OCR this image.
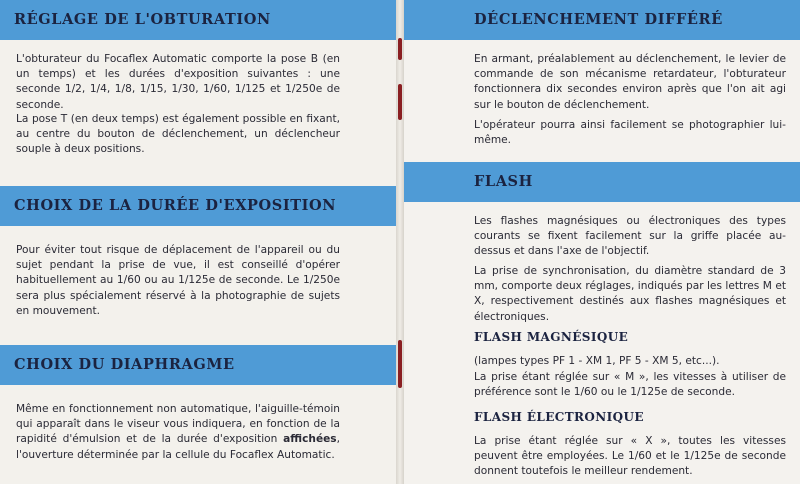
RÉGLAGE DE L'OBTURATION

L'obturateur du Focaflex Automatic comporte la pose B (en un temps) et les durées d'exposition suivantes : une seconde 1/2, 1/4, 1/8, 1/15, 1/30, 1/60, 1/125 et 1/250e de seconde.

La pose T (en deux temps) est également possible en fixant, au centre du bouton de déclenchement, un déclencheur souple à deux positions.

CHOIX DE LA DURÉE D'EXPOSITION

Pour éviter tout risque de déplacement de l'appareil ou du sujet pendant la prise de vue, il est conseillé d'opérer habituellement au 1/60 ou au 1/125e de seconde. Le 1/250e sera plus spécialement réservé à la photographie de sujets en mouvement.

CHOIX DU DIAPHRAGME

Même en fonctionnement non automatique, l'aiguille-témoin qui apparaît dans le viseur vous indiquera, en fonction de la rapidité d'émulsion et de la durée d'exposition affichées, l'ouverture déterminée par la cellule du Focaflex Automatic.

DÉCLENCHEMENT DIFFÉRÉ

En armant, préalablement au déclenchement, le levier de commande de son mécanisme retardateur, l'obturateur fonctionnera dix secondes environ après que l'on ait agi sur le bouton de déclenchement.

L'opérateur pourra ainsi facilement se photographier lui-même.

FLASH

Les flashes magnésiques ou électroniques des types courants se fixent facilement sur la griffe placée au-dessus et dans l'axe de l'objectif.

La prise de synchronisation, du diamètre standard de 3 mm, comporte deux réglages, indiqués par les lettres M et X, respectivement destinés aux flashes magnésiques et électroniques.

FLASH MAGNÉSIQUE

(lampes types PF 1 - XM 1, PF 5 - XM 5, etc...).

La prise étant réglée sur « M », les vitesses à utiliser de préférence sont le 1/60 ou le 1/125e de seconde.

FLASH ÉLECTRONIQUE

La prise étant réglée sur « X », toutes les vitesses peuvent être employées. Le 1/60 et le 1/125e de seconde donnent toutefois le meilleur rendement.
